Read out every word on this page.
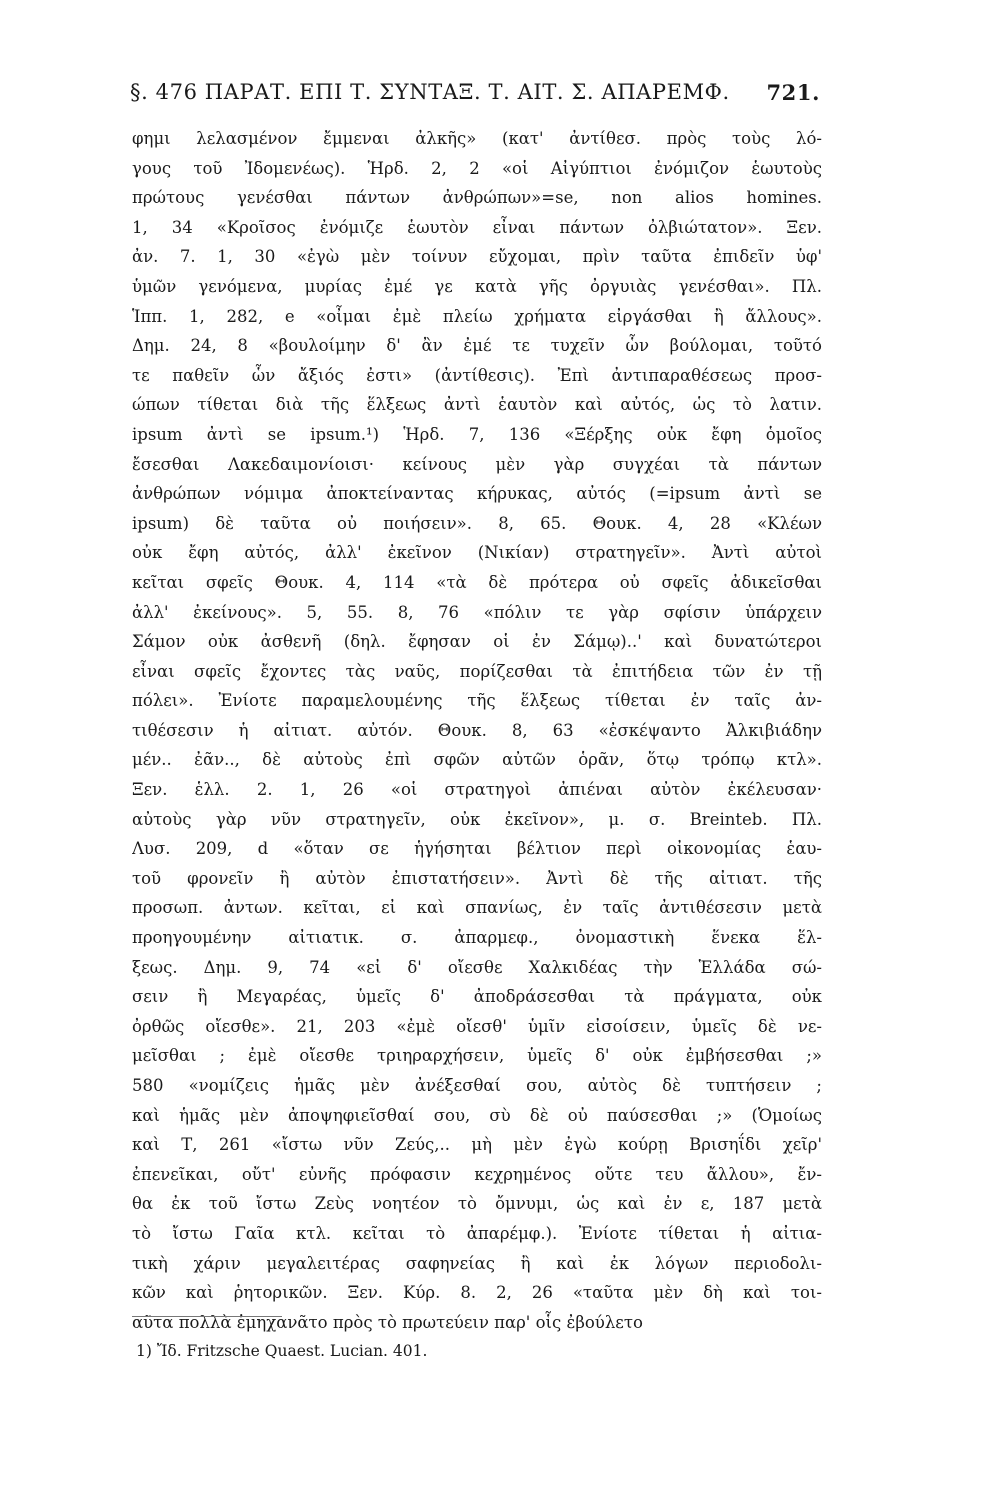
§. 476 ΠΑΡΑΤ. ΕΠΙ Τ. ΣΥΝΤΑΞ. Τ. ΑΙΤ. Σ. ΑΠΑΡΕΜΦ. 721.
φημι λελασμένον ἔμμεναι ἀλκῆς» (κατ' ἀντίθεσ. πρὸς τοὺς λό-
γους τοῦ Ἰδομενέως). Ἡρδ. 2, 2 «οἱ Αἰγύπτιοι ἐνόμιζον ἑωυτοὺς
πρώτους γενέσθαι πάντων ἀνθρώπων»=se, non alios homines.
1, 34 «Κροῖσος ἐνόμιζε ἑωυτὸν εἶναι πάντων ὀλβιώτατον». Ξεν.
ἀν. 7. 1, 30 «ἐγὼ μὲν τοίνυν εὔχομαι, πρὶν ταῦτα ἐπιδεῖν ὑφ'
ὑμῶν γενόμενα, μυρίας ἐμέ γε κατὰ γῆς ὀργυιὰς γενέσθαι». Πλ.
Ἱππ. 1, 282, e «οἶμαι ἐμὲ πλείω χρήματα εἰργάσθαι ἢ ἄλλους».
Δημ. 24, 8 «βουλοίμην δ' ἂν ἐμέ τε τυχεῖν ὧν βούλομαι, τοῦτό
τε παθεῖν ὧν ἄξιός ἐστι» (ἀντίθεσις). Ἐπὶ ἀντιπαραθέσεως προσ-
ώπων τίθεται διὰ τῆς ἕλξεως ἀντὶ ἑαυτὸν καὶ αὐτός, ὡς τὸ λατιν.
ipsum ἀντὶ se ipsum.¹) Ἡρδ. 7, 136 «Ξέρξης οὐκ ἔφη ὁμοῖος
ἔσεσθαι Λακεδαιμονίοισι· κείνους μὲν γὰρ συγχέαι τὰ πάντων
ἀνθρώπων νόμιμα ἀποκτείναντας κήρυκας, αὐτός (=ipsum ἀντὶ se
ipsum) δὲ ταῦτα οὐ ποιήσειν». 8, 65. Θουκ. 4, 28 «Κλέων
οὐκ ἔφη αὐτός, ἀλλ' ἐκεῖνον (Νικίαν) στρατηγεῖν». Ἀντὶ αὐτοὶ
κεῖται σφεῖς Θουκ. 4, 114 «τὰ δὲ πρότερα οὐ σφεῖς ἀδικεῖσθαι
ἀλλ' ἐκείνους». 5, 55. 8, 76 «πόλιν τε γὰρ σφίσιν ὑπάρχειν
Σάμον οὐκ ἀσθενῆ (δηλ. ἔφησαν οἱ ἐν Σάμῳ)..' καὶ δυνατώτεροι
εἶναι σφεῖς ἔχοντες τὰς ναῦς, πορίζεσθαι τὰ ἐπιτήδεια τῶν ἐν τῇ
πόλει». Ἐνίοτε παραμελουμένης τῆς ἕλξεως τίθεται ἐν ταῖς ἀν-
τιθέσεσιν ἡ αἰτιατ. αὐτόν. Θουκ. 8, 63 «ἐσκέψαντο Ἀλκιβιάδην
μέν.. ἐᾶν.., δὲ αὐτοὺς ἐπὶ σφῶν αὐτῶν ὁρᾶν, ὅτῳ τρόπῳ κτλ».
Ξεν. ἑλλ. 2. 1, 26 «οἱ στρατηγοὶ ἀπιέναι αὐτὸν ἐκέλευσαν·
αὐτοὺς γὰρ νῦν στρατηγεῖν, οὐκ ἐκεῖνον», μ. σ. Breinteb. Πλ.
Λυσ. 209, d «ὅταν σε ἡγήσηται βέλτιον περὶ οἰκονομίας ἑαυ-
τοῦ φρονεῖν ἢ αὐτὸν ἐπιστατήσειν». Ἀντὶ δὲ τῆς αἰτιατ. τῆς
προσωπ. ἀντων. κεῖται, εἰ καὶ σπανίως, ἐν ταῖς ἀντιθέσεσιν μετὰ
προηγουμένην αἰτιατικ. σ. ἀπαρμεφ., ὀνομαστικὴ ἕνεκα ἕλ-
ξεως. Δημ. 9, 74 «εἰ δ' οἴεσθε Χαλκιδέας τὴν Ἑλλάδα σώ-
σειν ἢ Μεγαρέας, ὑμεῖς δ' ἀποδράσεσθαι τὰ πράγματα, οὐκ
ὀρθῶς οἴεσθε». 21, 203 «ἐμὲ οἴεσθ' ὑμῖν εἰσοίσειν, ὑμεῖς δὲ νε-
μεῖσθαι ; ἐμὲ οἴεσθε τριηραρχήσειν, ὑμεῖς δ' οὐκ ἐμβήσεσθαι ;»
580 «νομίζεις ἡμᾶς μὲν ἀνέξεσθαί σου, αὐτὸς δὲ τυπτήσειν ;
καὶ ἡμᾶς μὲν ἀποψηφιεῖσθαί σου, σὺ δὲ οὐ παύσεσθαι ;» (Ὁμοίως
καὶ Τ, 261 «ἴστω νῦν Ζεύς,.. μὴ μὲν ἐγὼ κούρῃ Βρισηΐδι χεῖρ'
ἐπενεῖκαι, οὔτ' εὐνῆς πρόφασιν κεχρημένος οὔτε τευ ἄλλου», ἔν-
θα ἐκ τοῦ ἴστω Ζεὺς νοητέον τὸ ὄμνυμι, ὡς καὶ ἐν ε, 187 μετὰ
τὸ ἴστω Γαῖα κτλ. κεῖται τὸ ἀπαρέμφ.). Ἐνίοτε τίθεται ἡ αἰτια-
τικὴ χάριν μεγαλειτέρας σαφηνείας ἢ καὶ ἐκ λόγων περιοδολι-
κῶν καὶ ῥητορικῶν. Ξεν. Κύρ. 8. 2, 26 «ταῦτα μὲν δὴ καὶ τοι-
αῦτα πολλὰ ἐμηχανᾶτο πρὸς τὸ πρωτεύειν παρ' οἷς ἐβούλετο
1) Ἴδ. Fritzsche Quaest. Lucian. 401.
